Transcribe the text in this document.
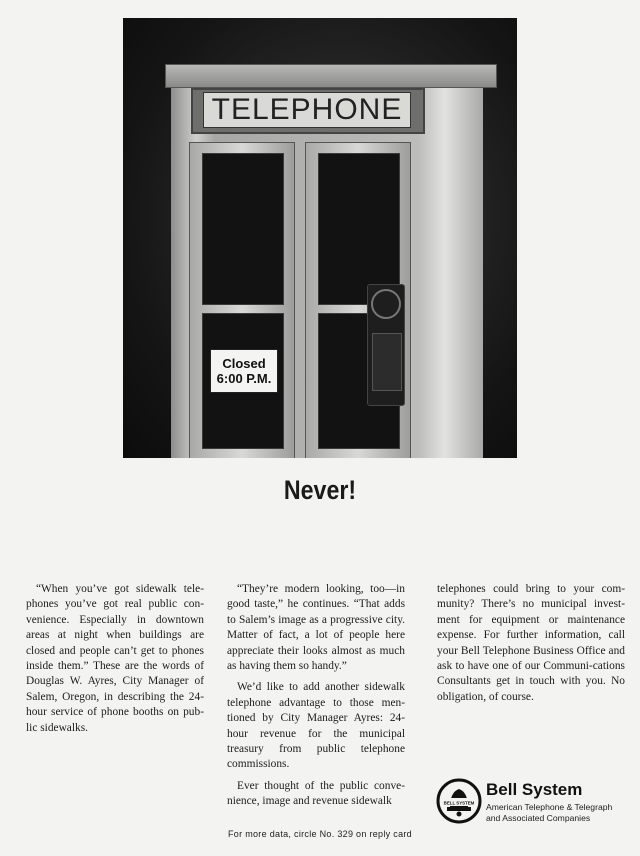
TELEPHONE
Closed
6:00 P.M.
Never!

“When you’ve got sidewalk tele-phones you’ve got real public con-venience. Especially in downtown areas at night when buildings are closed and people can’t get to phones inside them.” These are the words of Douglas W. Ayres, City Manager of Salem, Oregon, in describing the 24-hour service of phone booths on pub-lic sidewalks.

“They’re modern looking, too—in good taste,” he continues. “That adds to Salem’s image as a progressive city. Matter of fact, a lot of people here appreciate their looks almost as much as having them so handy.”

We’d like to add another sidewalk telephone advantage to those men-tioned by City Manager Ayres: 24-hour revenue for the municipal treasury from public telephone commissions.

Ever thought of the public conve-nience, image and revenue sidewalk

telephones could bring to your com-munity? There’s no municipal invest-ment for equipment or maintenance expense. For further information, call your Bell Telephone Business Office and ask to have one of our Communi-cations Consultants get in touch with you. No obligation, of course.

BELL SYSTEM
Bell System
American Telephone & Telegraph
and Associated Companies
For more data, circle No. 329 on reply card
